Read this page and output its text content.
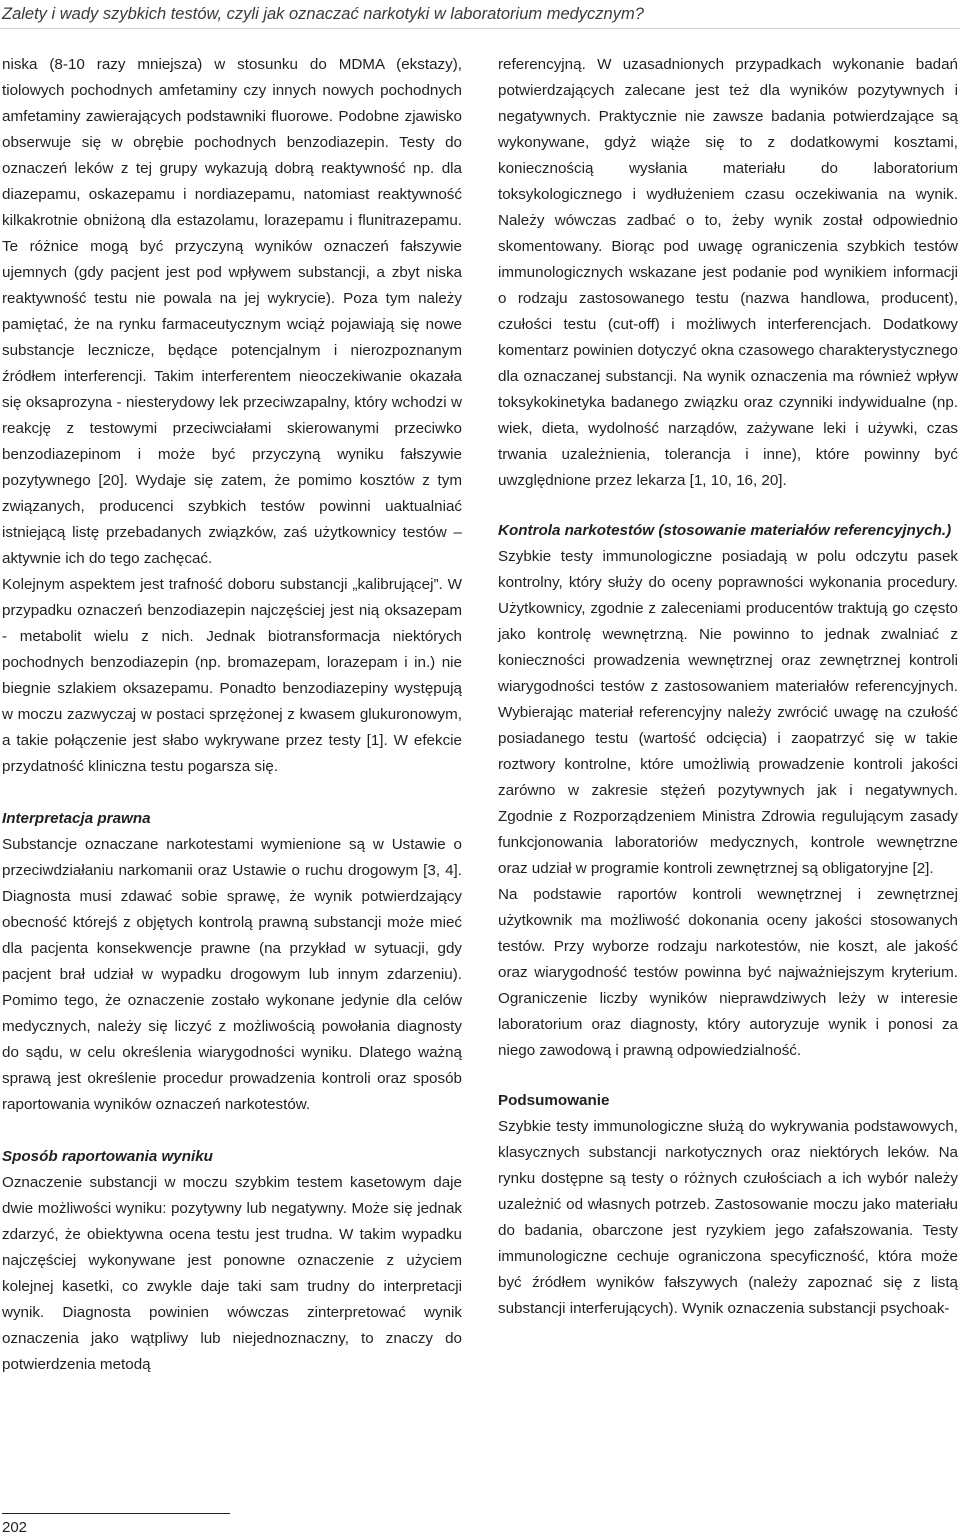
Zalety i wady szybkich testów, czyli jak oznaczać narkotyki w laboratorium medycznym?

niska (8-10 razy mniejsza) w stosunku do MDMA (ekstazy), tiolowych pochodnych amfetaminy czy innych nowych pochodnych amfetaminy zawierających podstawniki fluorowe. Podobne zjawisko obserwuje się w obrębie pochodnych benzodiazepin. Testy do oznaczeń leków z tej grupy wykazują dobrą reaktywność np. dla diazepamu, oskazepamu i nordiazepamu, natomiast reaktywność kilkakrotnie obniżoną dla estazolamu, lorazepamu i flunitrazepamu. Te różnice mogą być przyczyną wyników oznaczeń fałszywie ujemnych (gdy pacjent jest pod wpływem substancji, a zbyt niska reaktywność testu nie powala na jej wykrycie). Poza tym należy pamiętać, że na rynku farmaceutycznym wciąż pojawiają się nowe substancje lecznicze, będące potencjalnym i nierozpoznanym źródłem interferencji. Takim interferentem nieoczekiwanie okazała się oksaprozyna - niesterydowy lek przeciwzapalny, który wchodzi w reakcję z testowymi przeciwciałami skierowanymi przeciwko benzodiazepinom i może być przyczyną wyniku fałszywie pozytywnego [20]. Wydaje się zatem, że pomimo kosztów z tym związanych, producenci szybkich testów powinni uaktualniać istniejącą listę przebadanych związków, zaś użytkownicy testów – aktywnie ich do tego zachęcać.

Kolejnym aspektem jest trafność doboru substancji „kalibrującej”. W przypadku oznaczeń benzodiazepin najczęściej jest nią oksazepam - metabolit wielu z nich. Jednak biotransformacja niektórych pochodnych benzodiazepin (np. bromazepam, lorazepam i in.) nie biegnie szlakiem oksazepamu. Ponadto benzodiazepiny występują w moczu zazwyczaj w postaci sprzężonej z kwasem glukuronowym, a takie połączenie jest słabo wykrywane przez testy [1]. W efekcie przydatność kliniczna testu pogarsza się.

Interpretacja prawna

Substancje oznaczane narkotestami wymienione są w Ustawie o przeciwdziałaniu narkomanii oraz Ustawie o ruchu drogowym [3, 4]. Diagnosta musi zdawać sobie sprawę, że wynik potwierdzający obecność którejś z objętych kontrolą prawną substancji może mieć dla pacjenta konsekwencje prawne (na przykład w sytuacji, gdy pacjent brał udział w wypadku drogowym lub innym zdarzeniu). Pomimo tego, że oznaczenie zostało wykonane jedynie dla celów medycznych, należy się liczyć z możliwością powołania diagnosty do sądu, w celu określenia wiarygodności wyniku. Dlatego ważną sprawą jest określenie procedur prowadzenia kontroli oraz sposób raportowania wyników oznaczeń narkotestów.

Sposób raportowania wyniku

Oznaczenie substancji w moczu szybkim testem kasetowym daje dwie możliwości wyniku: pozytywny lub negatywny. Może się jednak zdarzyć, że obiektywna ocena testu jest trudna. W takim wypadku najczęściej wykonywane jest ponowne oznaczenie z użyciem kolejnej kasetki, co zwykle daje taki sam trudny do interpretacji wynik. Diagnosta powinien wówczas zinterpretować wynik oznaczenia jako wątpliwy lub niejednoznaczny, to znaczy do potwierdzenia metodą

referencyjną. W uzasadnionych przypadkach wykonanie badań potwierdzających zalecane jest też dla wyników pozytywnych i negatywnych. Praktycznie nie zawsze badania potwierdzające są wykonywane, gdyż wiąże się to z dodatkowymi kosztami, koniecznością wysłania materiału do laboratorium toksykologicznego i wydłużeniem czasu oczekiwania na wynik. Należy wówczas zadbać o to, żeby wynik został odpowiednio skomentowany. Biorąc pod uwagę ograniczenia szybkich testów immunologicznych wskazane jest podanie pod wynikiem informacji o rodzaju zastosowanego testu (nazwa handlowa, producent), czułości testu (cut-off) i możliwych interferencjach. Dodatkowy komentarz powinien dotyczyć okna czasowego charakterystycznego dla oznaczanej substancji. Na wynik oznaczenia ma również wpływ toksykokinetyka badanego związku oraz czynniki indywidualne (np. wiek, dieta, wydolność narządów, zażywane leki i używki, czas trwania uzależnienia, tolerancja i inne), które powinny być uwzględnione przez lekarza [1, 10, 16, 20].

Kontrola narkotestów (stosowanie materiałów referencyjnych.)

Szybkie testy immunologiczne posiadają w polu odczytu pasek kontrolny, który służy do oceny poprawności wykonania procedury. Użytkownicy, zgodnie z zaleceniami producentów traktują go często jako kontrolę wewnętrzną. Nie powinno to jednak zwalniać z konieczności prowadzenia wewnętrznej oraz zewnętrznej kontroli wiarygodności testów z zastosowaniem materiałów referencyjnych. Wybierając materiał referencyjny należy zwrócić uwagę na czułość posiadanego testu (wartość odcięcia) i zaopatrzyć się w takie roztwory kontrolne, które umożliwią prowadzenie kontroli jakości zarówno w zakresie stężeń pozytywnych jak i negatywnych. Zgodnie z Rozporządzeniem Ministra Zdrowia regulującym zasady funkcjonowania laboratoriów medycznych, kontrole wewnętrzne oraz udział w programie kontroli zewnętrznej są obligatoryjne [2].

Na podstawie raportów kontroli wewnętrznej i zewnętrznej użytkownik ma możliwość dokonania oceny jakości stosowanych testów. Przy wyborze rodzaju narkotestów, nie koszt, ale jakość oraz wiarygodność testów powinna być najważniejszym kryterium. Ograniczenie liczby wyników nieprawdziwych leży w interesie laboratorium oraz diagnosty, który autoryzuje wynik i ponosi za niego zawodową i prawną odpowiedzialność.

Podsumowanie

Szybkie testy immunologiczne służą do wykrywania podstawowych, klasycznych substancji narkotycznych oraz niektórych leków. Na rynku dostępne są testy o różnych czułościach a ich wybór należy uzależnić od własnych potrzeb. Zastosowanie moczu jako materiału do badania, obarczone jest ryzykiem jego zafałszowania. Testy immunologiczne cechuje ograniczona specyficzność, która może być źródłem wyników fałszywych (należy zapoznać się z listą substancji interferujących). Wynik oznaczenia substancji psychoak-

202
